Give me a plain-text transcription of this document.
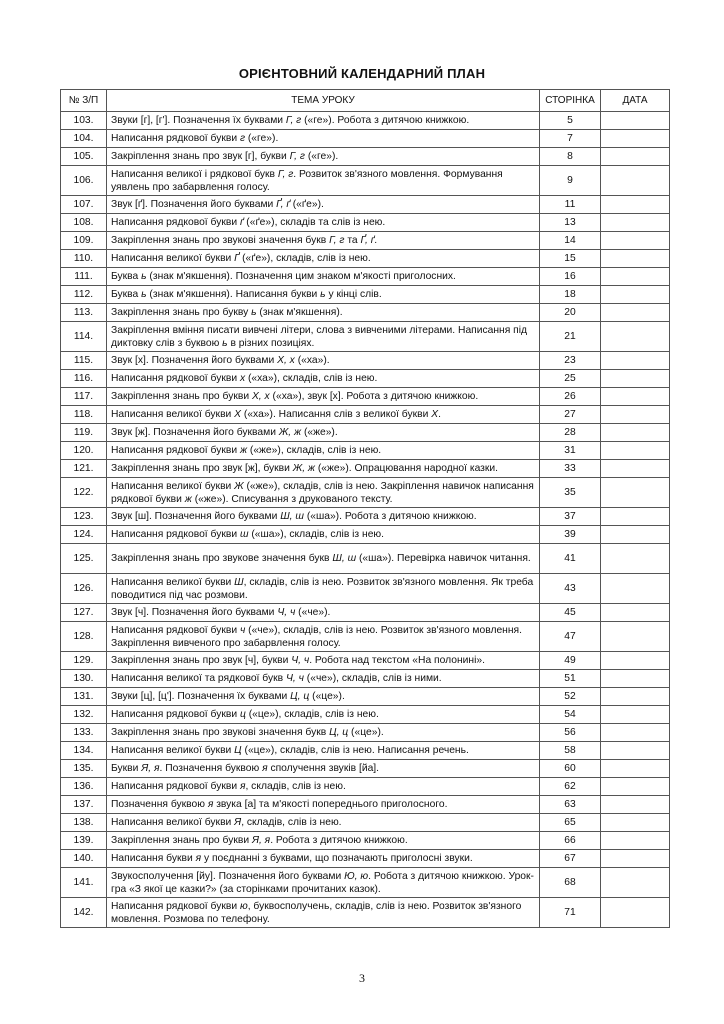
ОРІЄНТОВНИЙ КАЛЕНДАРНИЙ ПЛАН
№ З/П	ТЕМА УРОКУ	СТОРІНКА	ДАТА
103.	Звуки [г], [г']. Позначення їх буквами Г, г («ге»). Робота з дитячою книжкою.	5	
104.	Написання рядкової букви г («ге»).	7	
105.	Закріплення знань про звук [г], букви Г, г («ге»).	8	
106.	Написання великої і рядкової букв Г, г. Розвиток зв'язного мовлення. Формування уявлень про забарвлення голосу.	9	
107.	Звук [ґ]. Позначення його буквами Ґ, ґ («ґе»).	11	
108.	Написання рядкової букви ґ («ґе»), складів та слів із нею.	13	
109.	Закріплення знань про звукові значення букв Г, г та Ґ, ґ.	14	
110.	Написання великої букви Ґ («ґе»), складів, слів із нею.	15	
111.	Буква ь (знак м'якшення). Позначення цим знаком м'якості приголосних.	16	
112.	Буква ь (знак м'якшення). Написання букви ь у кінці слів.	18	
113.	Закріплення знань про букву ь (знак м'якшення).	20	
114.	Закріплення вміння писати вивчені літери, слова з вивченими літерами. Написання під диктовку слів з буквою ь в різних позиціях.	21	
115.	Звук [х]. Позначення його буквами Х, х («ха»).	23	
116.	Написання рядкової букви х («ха»), складів, слів із нею.	25	
117.	Закріплення знань про букви Х, х («ха»), звук [х]. Робота з дитячою книжкою.	26	
118.	Написання великої букви Х («ха»). Написання слів з великої букви Х.	27	
119.	Звук [ж]. Позначення його буквами Ж, ж («же»).	28	
120.	Написання рядкової букви ж («же»), складів, слів із нею.	31	
121.	Закріплення знань про звук [ж], букви Ж, ж («же»). Опрацювання народної казки.	33	
122.	Написання великої букви Ж («же»), складів, слів із нею. Закріплення навичок написання рядкової букви ж («же»). Списування з друкованого тексту.	35	
123.	Звук [ш]. Позначення його буквами Ш, ш («ша»). Робота з дитячою книжкою.	37	
124.	Написання рядкової букви ш («ша»), складів, слів із нею.	39	
125.	Закріплення знань про звукове значення букв Ш, ш («ша»). Перевірка навичок читання.	41	
126.	Написання великої букви Ш, складів, слів із нею. Розвиток зв'язного мовлення. Як треба поводитися під час розмови.	43	
127.	Звук [ч]. Позначення його буквами Ч, ч («че»).	45	
128.	Написання рядкової букви ч («че»), складів, слів із нею. Розвиток зв'язного мовлення. Закріплення вивченого про забарвлення голосу.	47	
129.	Закріплення знань про звук [ч], букви Ч, ч. Робота над текстом «На полонині».	49	
130.	Написання великої та рядкової букв Ч, ч («че»), складів, слів із ними.	51	
131.	Звуки [ц], [ц']. Позначення їх буквами Ц, ц («це»).	52	
132.	Написання рядкової букви ц («це»), складів, слів із нею.	54	
133.	Закріплення знань про звукові значення букв Ц, ц («це»).	56	
134.	Написання великої букви Ц («це»), складів, слів із нею. Написання речень.	58	
135.	Букви Я, я. Позначення буквою я сполучення звуків [йа].	60	
136.	Написання рядкової букви я, складів, слів із нею.	62	
137.	Позначення буквою я звука [а] та м'якості попереднього приголосного.	63	
138.	Написання великої букви Я, складів, слів із нею.	65	
139.	Закріплення знань про букви Я, я. Робота з дитячою книжкою.	66	
140.	Написання букви я у поєднанні з буквами, що позначають приголосні звуки.	67	
141.	Звукосполучення [йу]. Позначення його буквами Ю, ю. Робота з дитячою книжкою. Урок-гра «З якої це казки?» (за сторінками прочитаних казок).	68	
142.	Написання рядкової букви ю, буквосполучень, складів, слів із нею. Розвиток зв'язного мовлення. Розмова по телефону.	71	
3
